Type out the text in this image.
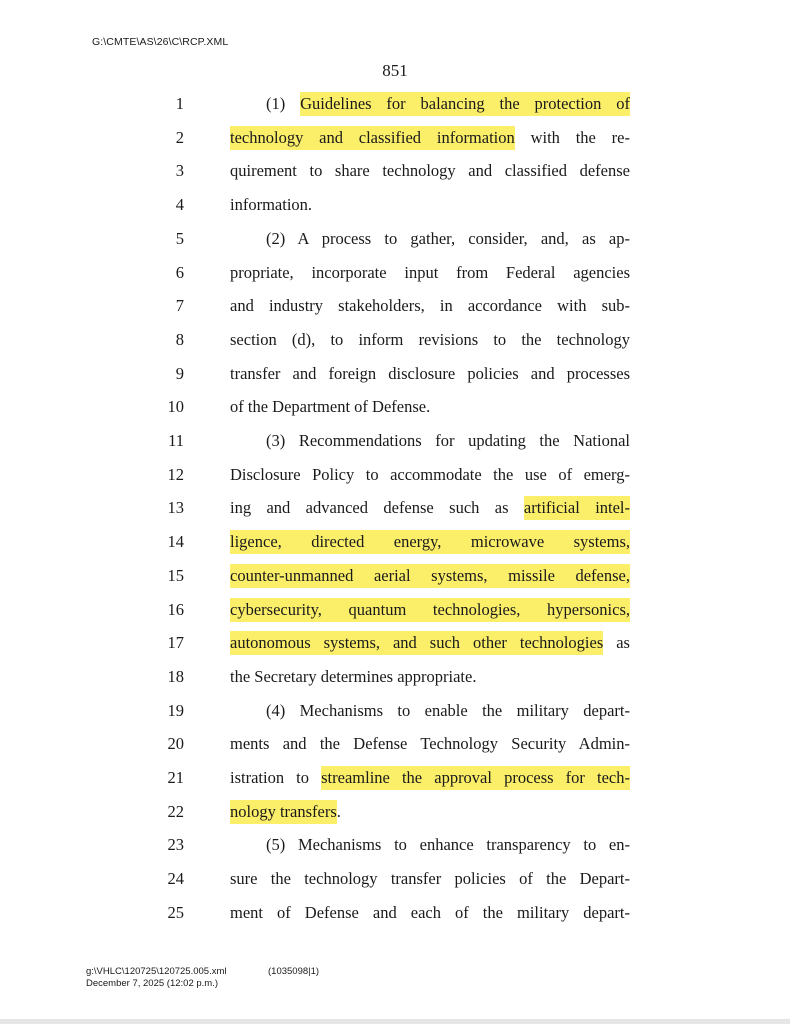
G:\CMTE\AS\26\C\RCP.XML
851
1	(1) Guidelines for balancing the protection of
2	technology and classified information with the re-
3	quirement to share technology and classified defense
4	information.
5	(2) A process to gather, consider, and, as ap-
6	propriate, incorporate input from Federal agencies
7	and industry stakeholders, in accordance with sub-
8	section (d), to inform revisions to the technology
9	transfer and foreign disclosure policies and processes
10	of the Department of Defense.
11	(3) Recommendations for updating the National
12	Disclosure Policy to accommodate the use of emerg-
13	ing and advanced defense such as artificial intel-
14	ligence, directed energy, microwave systems,
15	counter-unmanned aerial systems, missile defense,
16	cybersecurity, quantum technologies, hypersonics,
17	autonomous systems, and such other technologies as
18	the Secretary determines appropriate.
19	(4) Mechanisms to enable the military depart-
20	ments and the Defense Technology Security Admin-
21	istration to streamline the approval process for tech-
22	nology transfers.
23	(5) Mechanisms to enhance transparency to en-
24	sure the technology transfer policies of the Depart-
25	ment of Defense and each of the military depart-
g:\VHLC\120725\120725.005.xml
December 7, 2025 (12:02 p.m.)
(1035098|1)
